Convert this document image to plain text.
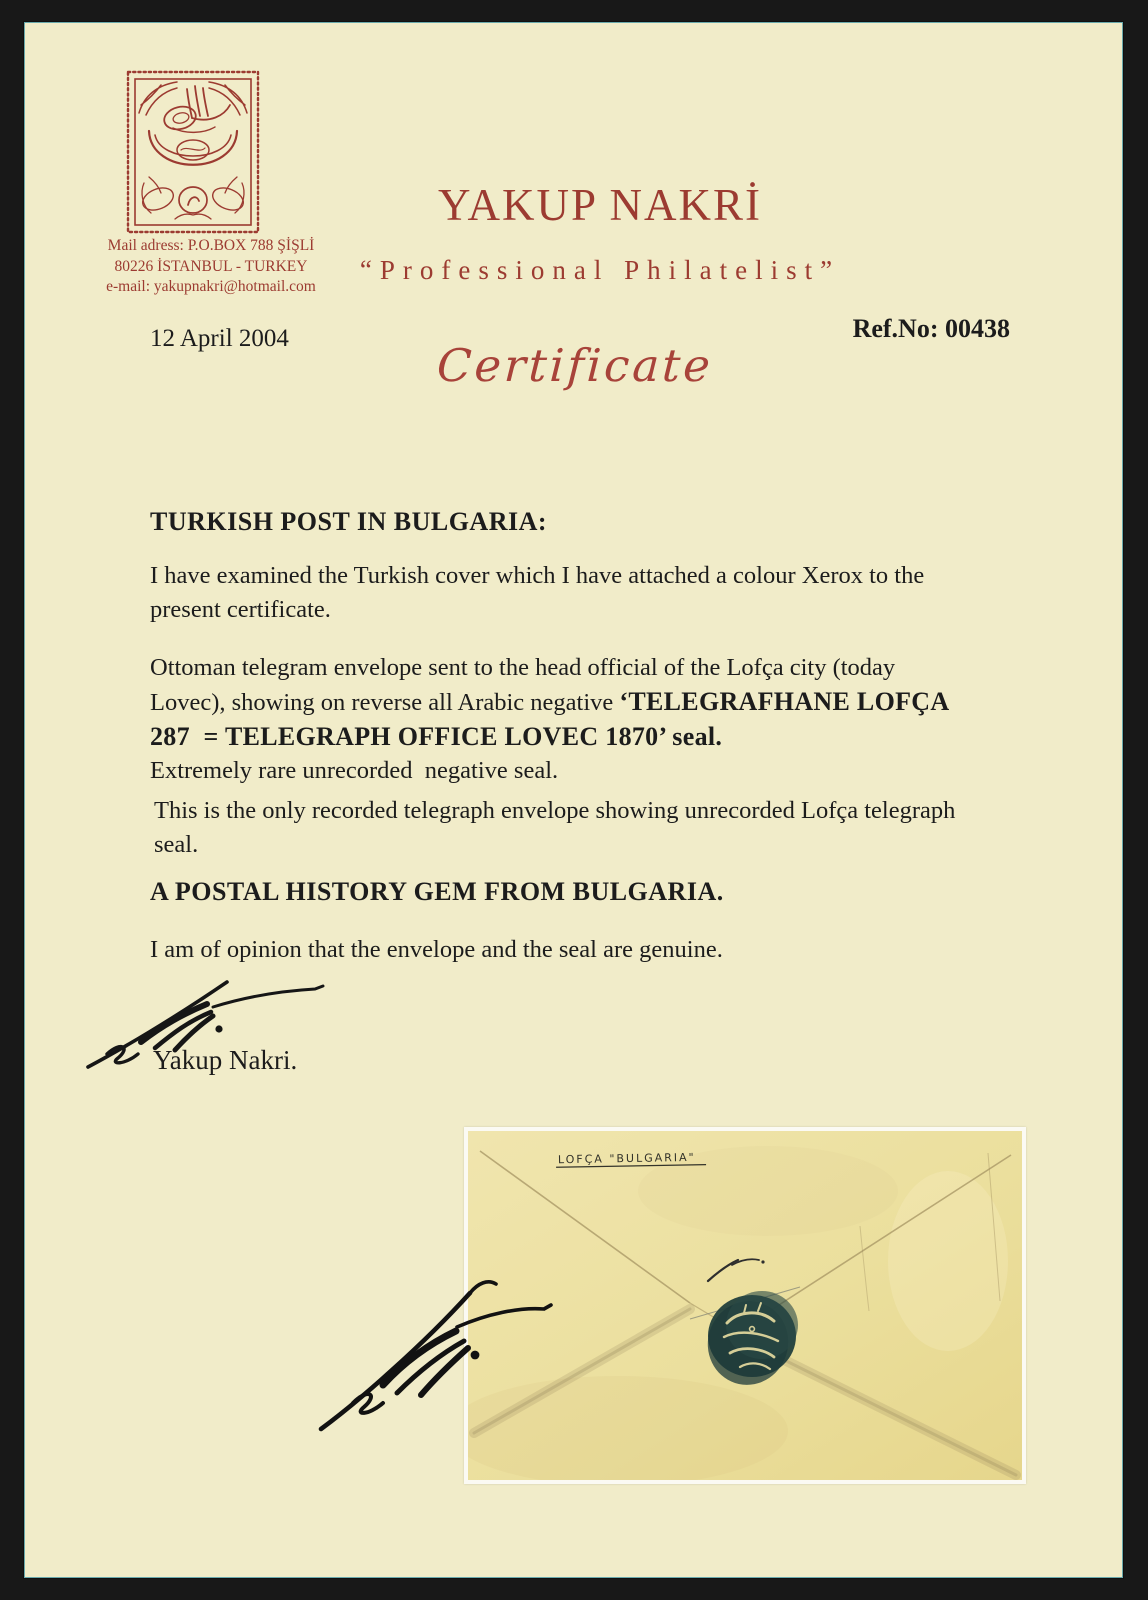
Mail adress: P.O.BOX 788 ŞİŞLİ
80226 İSTANBUL - TURKEY
e-mail: yakupnakri@hotmail.com
YAKUP NAKRİ
“Professional Philatelist”
12 April 2004	Ref.No: 00438
Certificate
TURKISH POST IN BULGARIA:
I have examined the Turkish cover which I have attached a colour Xerox to the
present certificate.
Ottoman telegram envelope sent to the head official of the Lofça city (today
Lovec), showing on reverse all Arabic negative ‘TELEGRAFHANE LOFÇA
287  = TELEGRAPH OFFICE LOVEC 1870’ seal.
Extremely rare unrecorded  negative seal.
This is the only recorded telegraph envelope showing unrecorded Lofça telegraph
seal.
A POSTAL HISTORY GEM FROM BULGARIA.
I am of opinion that the envelope and the seal are genuine.
Yakup Nakri.
LOFÇA "BULGARIA"
